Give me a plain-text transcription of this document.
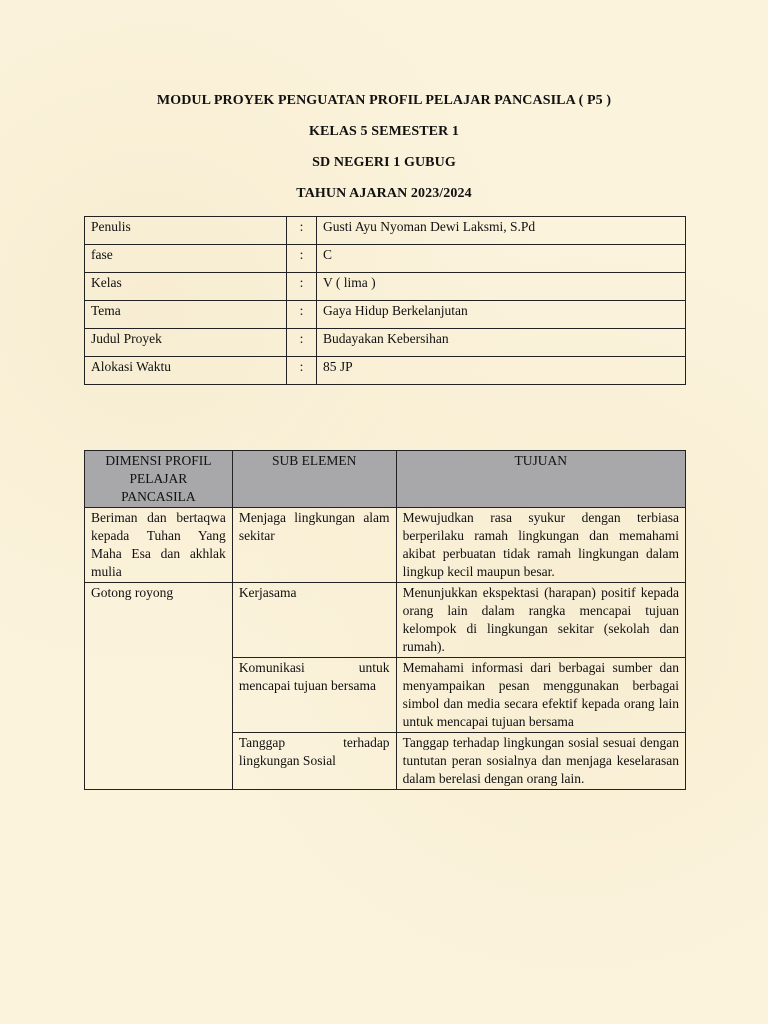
MODUL PROYEK PENGUATAN PROFIL PELAJAR PANCASILA ( P5 )
KELAS 5 SEMESTER 1
SD NEGERI 1 GUBUG
TAHUN AJARAN 2023/2024
Penulis	:	Gusti Ayu Nyoman Dewi Laksmi, S.Pd
fase	:	C
Kelas	:	V ( lima )
Tema	:	Gaya Hidup Berkelanjutan
Judul Proyek	:	Budayakan Kebersihan
Alokasi Waktu	:	85 JP
DIMENSI PROFIL PELAJAR PANCASILA	SUB ELEMEN	TUJUAN
Beriman dan bertaqwa kepada Tuhan Yang Maha Esa dan akhlak mulia	Menjaga lingkungan alam sekitar	Mewujudkan rasa syukur dengan terbiasa berperilaku ramah lingkungan dan memahami akibat perbuatan tidak ramah lingkungan dalam lingkup kecil maupun besar.
Gotong royong	Kerjasama	Menunjukkan ekspektasi (harapan) positif kepada orang lain dalam rangka mencapai tujuan kelompok di lingkungan sekitar (sekolah dan rumah).
	Komunikasi untuk mencapai tujuan bersama	Memahami informasi dari berbagai sumber dan menyampaikan pesan menggunakan berbagai simbol dan media secara efektif kepada orang lain untuk mencapai tujuan bersama
	Tanggap terhadap lingkungan Sosial	Tanggap terhadap lingkungan sosial sesuai dengan tuntutan peran sosialnya dan menjaga keselarasan dalam berelasi dengan orang lain.
